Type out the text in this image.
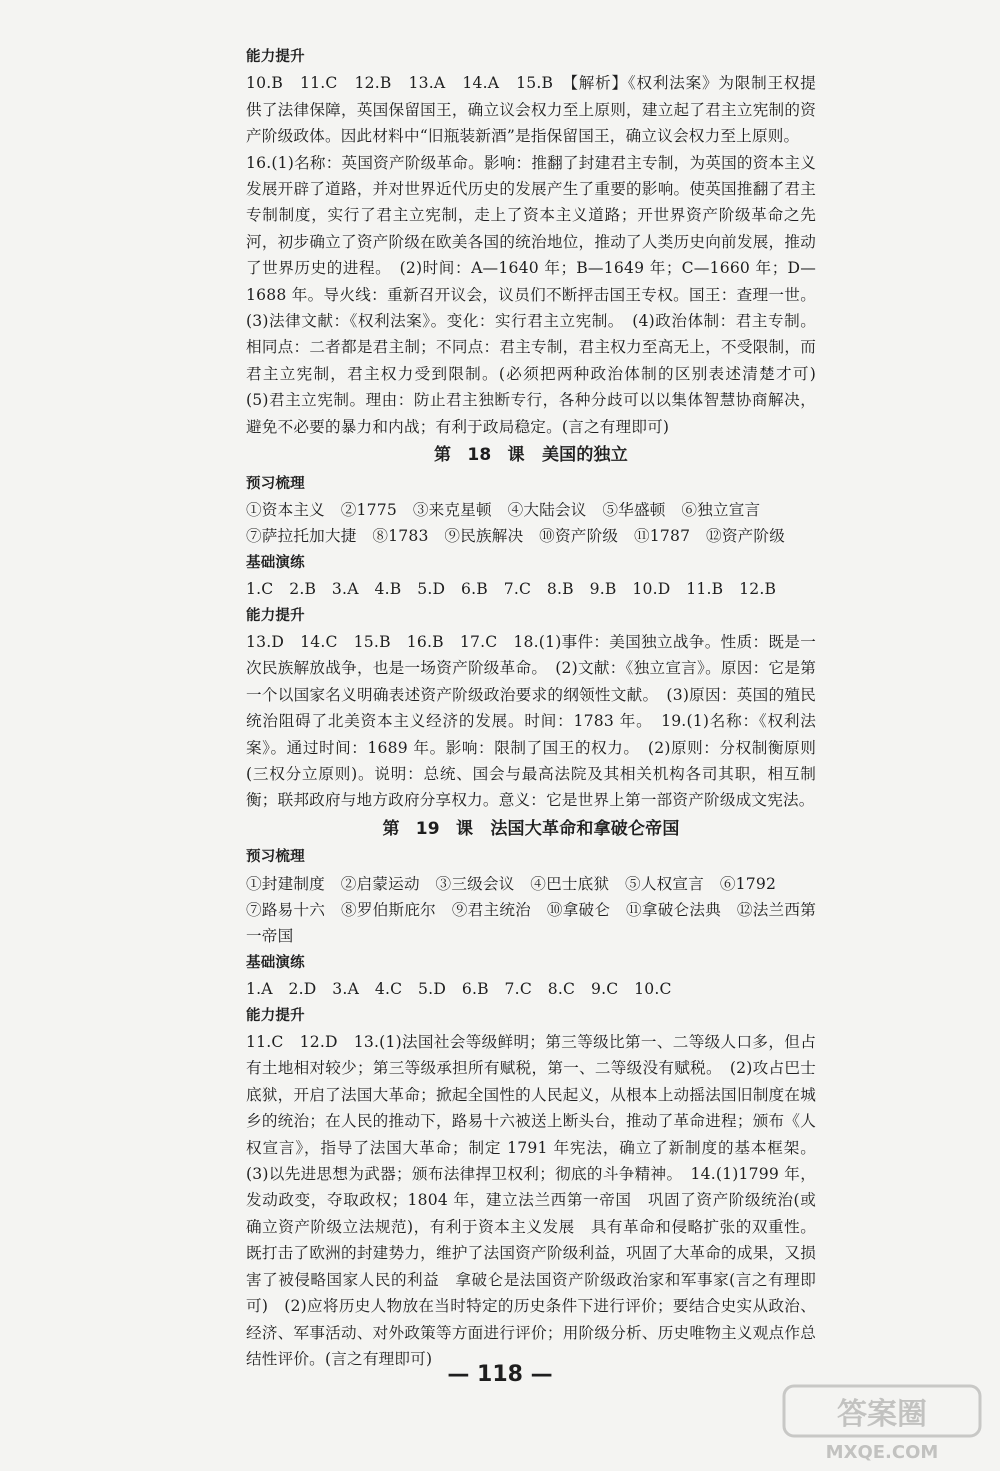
能力提升

10.B　11.C　12.B　13.A　14.A　15.B　【解析】《权利法案》为限制王权提供了法律保障，英国保留国王，确立议会权力至上原则，建立起了君主立宪制的资产阶级政体。因此材料中“旧瓶装新酒”是指保留国王，确立议会权力至上原则。

16.(1)名称：英国资产阶级革命。影响：推翻了封建君主专制，为英国的资本主义发展开辟了道路，并对世界近代历史的发展产生了重要的影响。使英国推翻了君主专制制度，实行了君主立宪制，走上了资本主义道路；开世界资产阶级革命之先河，初步确立了资产阶级在欧美各国的统治地位，推动了人类历史向前发展，推动了世界历史的进程。　(2)时间：A—1640 年；B—1649 年；C—1660 年；D—1688 年。导火线：重新召开议会，议员们不断抨击国王专权。国王：查理一世。(3)法律文献：《权利法案》。变化：实行君主立宪制。　(4)政治体制：君主专制。相同点：二者都是君主制；不同点：君主专制，君主权力至高无上，不受限制，而君主立宪制，君主权力受到限制。(必须把两种政治体制的区别表述清楚才可)　(5)君主立宪制。理由：防止君主独断专行，各种分歧可以以集体智慧协商解决，避免不必要的暴力和内战；有利于政局稳定。(言之有理即可)

第 18 课　美国的独立

预习梳理

①资本主义　②1775　③来克星顿　④大陆会议　⑤华盛顿　⑥独立宣言

⑦萨拉托加大捷　⑧1783　⑨民族解决　⑩资产阶级　⑪1787　⑫资产阶级

基础演练

1.C　2.B　3.A　4.B　5.D　6.B　7.C　8.B　9.B　10.D　11.B　12.B

能力提升

13.D　14.C　15.B　16.B　17.C　18.(1)事件：美国独立战争。性质：既是一次民族解放战争，也是一场资产阶级革命。　(2)文献：《独立宣言》。原因：它是第一个以国家名义明确表述资产阶级政治要求的纲领性文献。　(3)原因：英国的殖民统治阻碍了北美资本主义经济的发展。时间：1783 年。　19.(1)名称：《权利法案》。通过时间：1689 年。影响：限制了国王的权力。　(2)原则：分权制衡原则(三权分立原则)。说明：总统、国会与最高法院及其相关机构各司其职，相互制衡；联邦政府与地方政府分享权力。意义：它是世界上第一部资产阶级成文宪法。

第 19 课　法国大革命和拿破仑帝国

预习梳理

①封建制度　②启蒙运动　③三级会议　④巴士底狱　⑤人权宣言　⑥1792

⑦路易十六　⑧罗伯斯庇尔　⑨君主统治　⑩拿破仑　⑪拿破仑法典　⑫法兰西第一帝国

基础演练

1.A　2.D　3.A　4.C　5.D　6.B　7.C　8.C　9.C　10.C

能力提升

11.C　12.D　13.(1)法国社会等级鲜明；第三等级比第一、二等级人口多，但占有土地相对较少；第三等级承担所有赋税，第一、二等级没有赋税。　(2)攻占巴士底狱，开启了法国大革命；掀起全国性的人民起义，从根本上动摇法国旧制度在城乡的统治；在人民的推动下，路易十六被送上断头台，推动了革命进程；颁布《人权宣言》，指导了法国大革命；制定 1791 年宪法，确立了新制度的基本框架。(3)以先进思想为武器；颁布法律捍卫权利；彻底的斗争精神。　14.(1)1799 年，发动政变，夺取政权；1804 年，建立法兰西第一帝国　巩固了资产阶级统治(或确立资产阶级立法规范)，有利于资本主义发展　具有革命和侵略扩张的双重性。既打击了欧洲的封建势力，维护了法国资产阶级利益，巩固了大革命的成果，又损害了被侵略国家人民的利益　拿破仑是法国资产阶级政治家和军事家(言之有理即可)　(2)应将历史人物放在当时特定的历史条件下进行评价；要结合史实从政治、经济、军事活动、对外政策等方面进行评价；用阶级分析、历史唯物主义观点作总结性评价。(言之有理即可)

— 118 —
答案圈
MXQE.COM
